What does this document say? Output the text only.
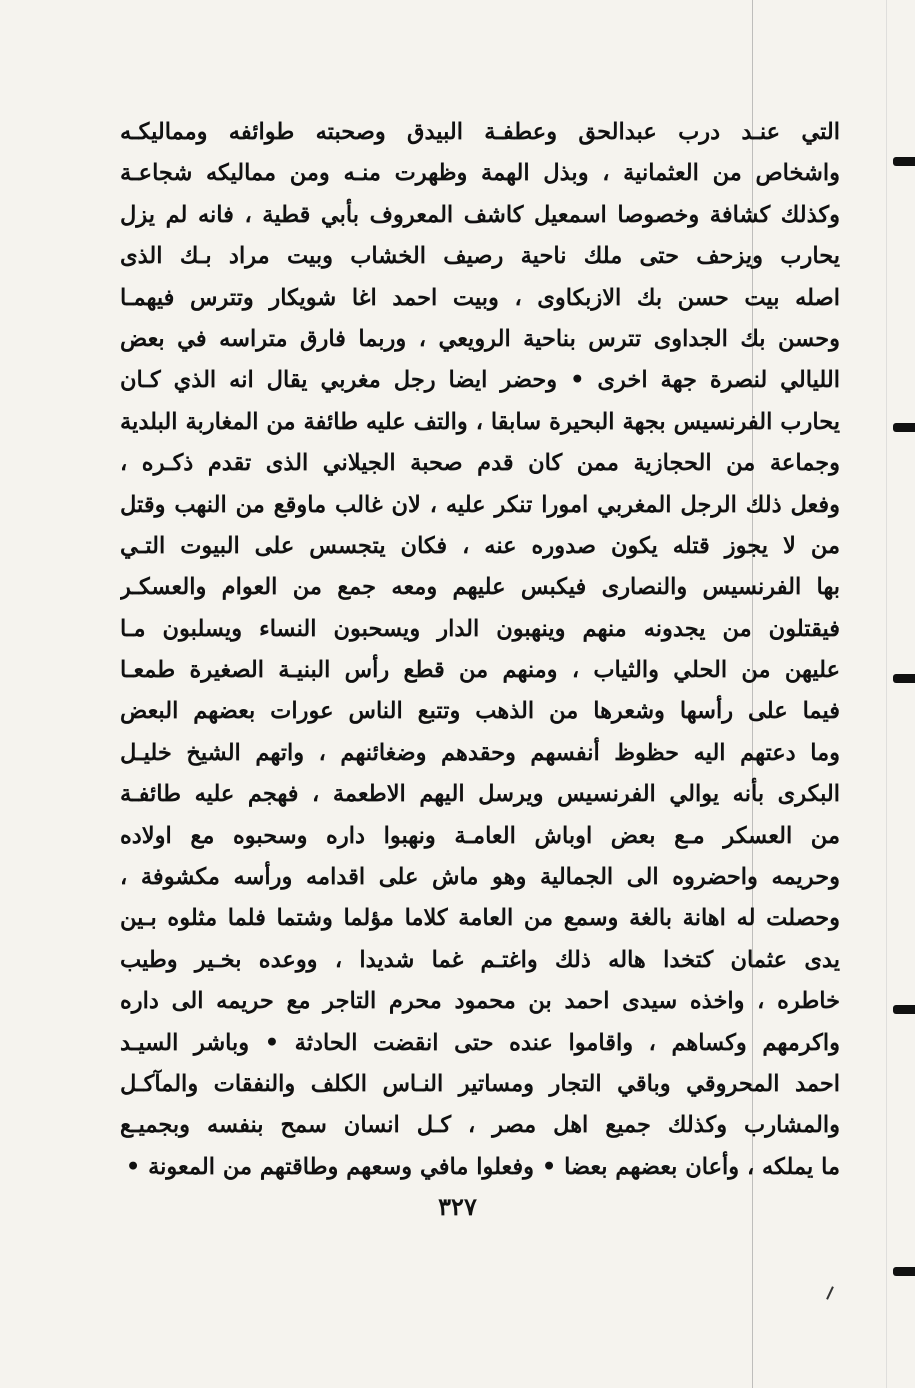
التي عنـد درب عبدالحق وعطفـة البيدق وصحبته طوائفه ومماليكـه
واشخاص من العثمانية ، وبذل الهمة وظهرت منـه ومن مماليكه شجاعـة
وكذلك كشافة وخصوصا اسمعيل كاشف المعروف بأبي قطية ، فانه لم يزل
يحارب ويزحف حتى ملك ناحية رصيف الخشاب وبيت مراد بـك الذى
اصله بيت حسن بك الازبكاوى ، وبيت احمد اغا شويكار وتترس فيهمـا
وحسن بك الجداوى تترس بناحية الرويعي ، وربما فارق متراسه في بعض
الليالي لنصرة جهة اخرى • وحضر ايضا رجل مغربي يقال انه الذي كـان
يحارب الفرنسيس بجهة البحيرة سابقا ، والتف عليه طائفة من المغاربة البلدية
وجماعة من الحجازية ممن كان قدم صحبة الجيلاني الذى تقدم ذكـره ،
وفعل ذلك الرجل المغربي امورا تنكر عليه ، لان غالب ماوقع من النهب وقتل
من لا يجوز قتله يكون صدوره عنه ، فكان يتجسس على البيوت التـي
بها الفرنسيس والنصارى فيكبس عليهم ومعه جمع من العوام والعسكـر
فيقتلون من يجدونه منهم وينهبون الدار ويسحبون النساء ويسلبون مـا
عليهن من الحلي والثياب ، ومنهم من قطع رأس البنيـة الصغيرة طمعـا
فيما على رأسها وشعرها من الذهب وتتبع الناس عورات بعضهم البعض
وما دعتهم اليه حظوظ أنفسهم وحقدهم وضغائنهم ، واتهم الشيخ خليـل
البكرى بأنه يوالي الفرنسيس ويرسل اليهم الاطعمة ، فهجم عليه طائفـة
من العسكر مـع بعض اوباش العامـة ونهبوا داره وسحبوه مع اولاده
وحريمه واحضروه الى الجمالية وهو ماش على اقدامه ورأسه مكشوفة ،
وحصلت له اهانة بالغة وسمع من العامة كلاما مؤلما وشتما فلما مثلوه بـين
يدى عثمان كتخدا هاله ذلك واغتـم غما شديدا ، ووعده بخـير وطيب
خاطره ، واخذه سيدى احمد بن محمود محرم التاجر مع حريمه الى داره
واكرمهم وكساهم ، واقاموا عنده حتى انقضت الحادثة • وباشر السيـد
احمد المحروقي وباقي التجار ومساتير النـاس الكلف والنفقات والمآكـل
والمشارب وكذلك جميع اهل مصر ، كـل انسان سمح بنفسه وبجميـع
ما يملكه ، وأعان بعضهم بعضا • وفعلوا مافي وسعهم وطاقتهم من المعونة •
٣٢٧
